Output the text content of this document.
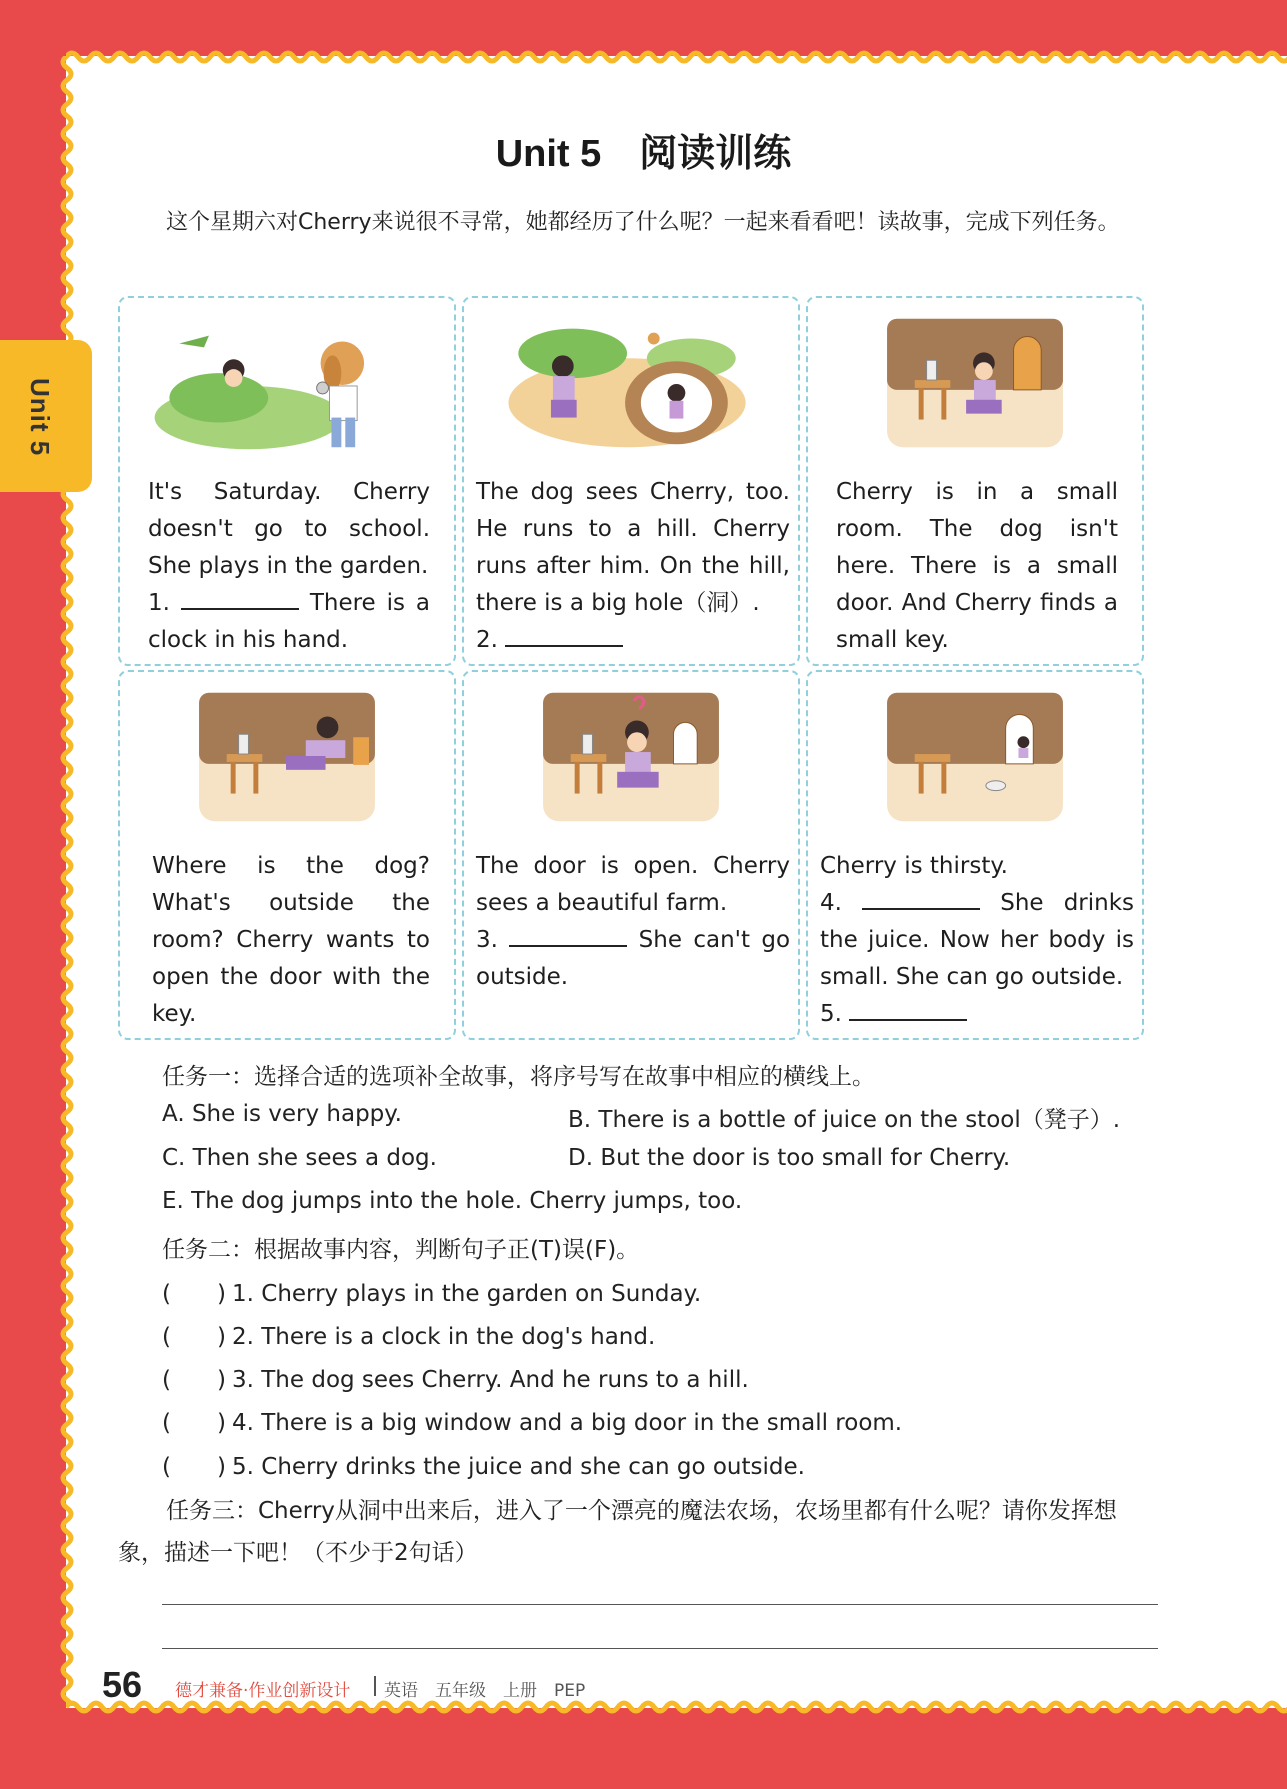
Unit 5
Unit 5　阅读训练
这个星期六对Cherry来说很不寻常，她都经历了什么呢？一起来看看吧！读故事，完成下列任务。
It's Saturday. Cherry doesn't go to school. She plays in the garden.
1.	There is a clock in his hand.
The dog sees Cherry, too. He runs to a hill. Cherry runs after him. On the hill, there is a big hole（洞）.
2.
Cherry is in a small room. The dog isn't here. There is a small door. And Cherry finds a small key.
Where is the dog? What's outside the room? Cherry wants to open the door with the key.
The door is open. Cherry sees a beautiful farm.
3.	She can't go outside.
Cherry is thirsty.
4.	She drinks the juice. Now her body is small. She can go outside.
5.
任务一：选择合适的选项补全故事，将序号写在故事中相应的横线上。
A. She is very happy.	B. There is a bottle of juice on the stool（凳子）.
C. Then she sees a dog.	D. But the door is too small for Cherry.
E. The dog jumps into the hole. Cherry jumps, too.
任务二：根据故事内容，判断句子正(T)误(F)。
(　　) 1. Cherry plays in the garden on Sunday.
(　　) 2. There is a clock in the dog's hand.
(　　) 3. The dog sees Cherry. And he runs to a hill.
(　　) 4. There is a big window and a big door in the small room.
(　　) 5. Cherry drinks the juice and she can go outside.
任务三：Cherry从洞中出来后，进入了一个漂亮的魔法农场，农场里都有什么呢？请你发挥想象，描述一下吧！（不少于2句话）
56 德才兼备·作业创新设计 英语　五年级　上册　PEP
